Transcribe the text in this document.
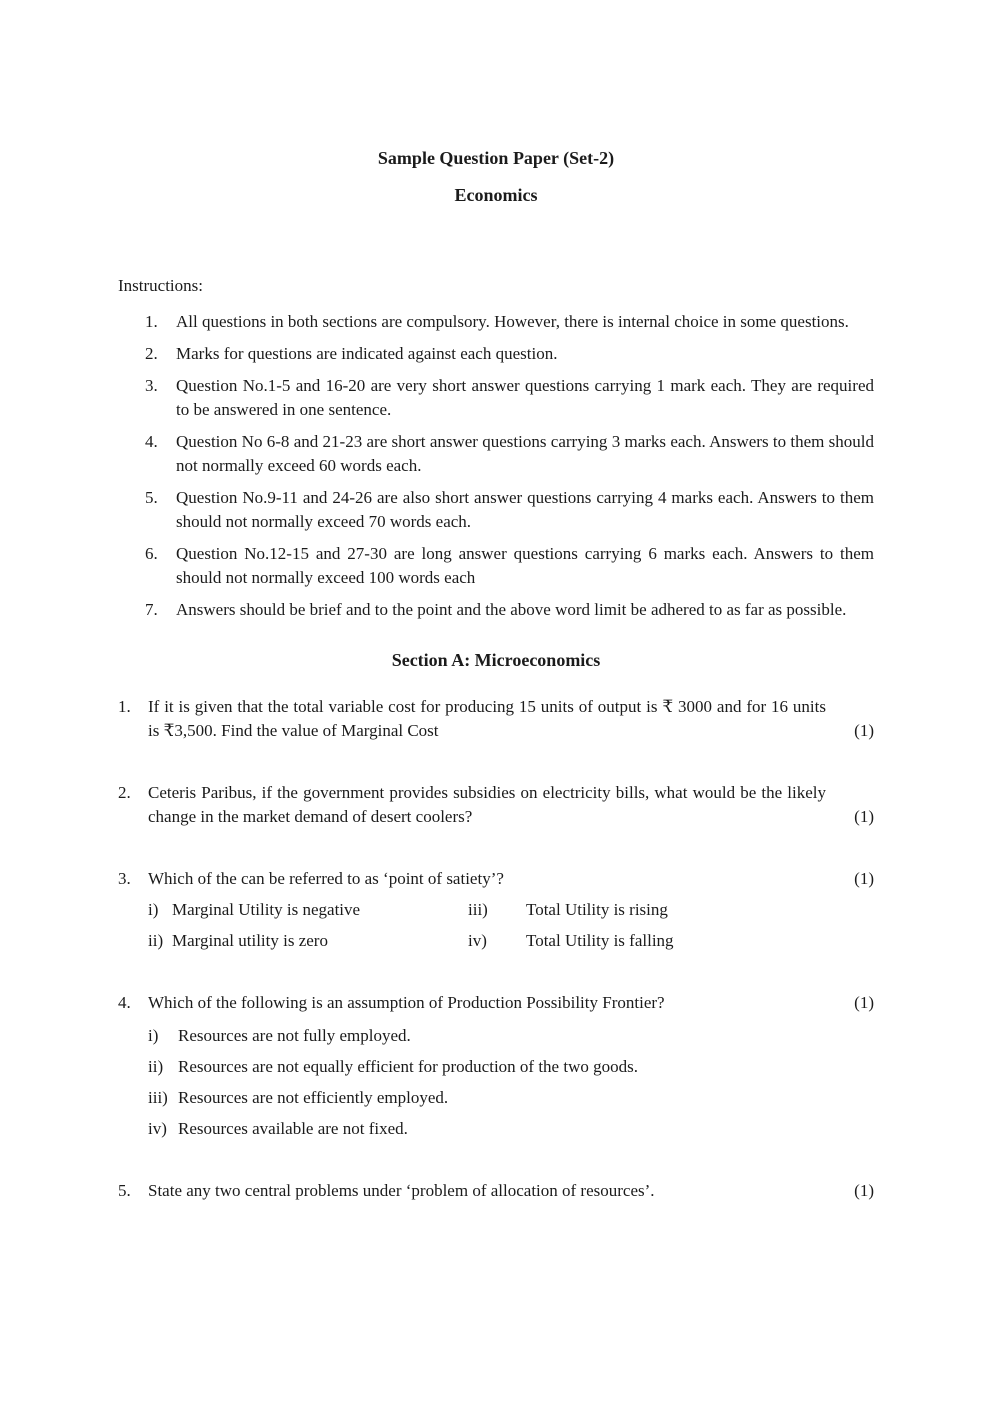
Sample Question Paper (Set-2)
Economics
Instructions:
1.	All questions in both sections are compulsory. However, there is internal choice in some questions.
2.	Marks for questions are indicated against each question.
3.	Question No.1-5 and 16-20 are very short answer questions carrying 1 mark each. They are required to be answered in one sentence.
4.	Question No 6-8 and 21-23 are short answer questions carrying 3 marks each. Answers to them should not normally exceed 60 words each.
5.	Question No.9-11 and 24-26 are also short answer questions carrying 4 marks each. Answers to them should not normally exceed 70 words each.
6.	Question No.12-15 and 27-30 are long answer questions carrying 6 marks each. Answers to them should not normally exceed 100 words each
7.	Answers should be brief and to the point and the above word limit be adhered to as far as possible.
Section A: Microeconomics
1.	If it is given that the total variable cost for producing 15 units of output is ₹ 3000 and for 16 units is ₹3,500. Find the value of Marginal Cost	(1)
2.	Ceteris Paribus, if the government provides subsidies on electricity bills, what would be the likely change in the market demand of desert coolers?	(1)
3.	Which of the can be referred to as ‘point of satiety’?	(1)
i) Marginal Utility is negative	iii)	Total Utility is rising
ii) Marginal utility is zero	iv)	Total Utility is falling
4.	Which of the following is an assumption of Production Possibility Frontier?	(1)
i)	Resources are not fully employed.
ii) Resources are not equally efficient for production of the two goods.
iii) Resources are not efficiently employed.
iv) Resources available are not fixed.
5.	State any two central problems under ‘problem of allocation of resources’.	(1)
